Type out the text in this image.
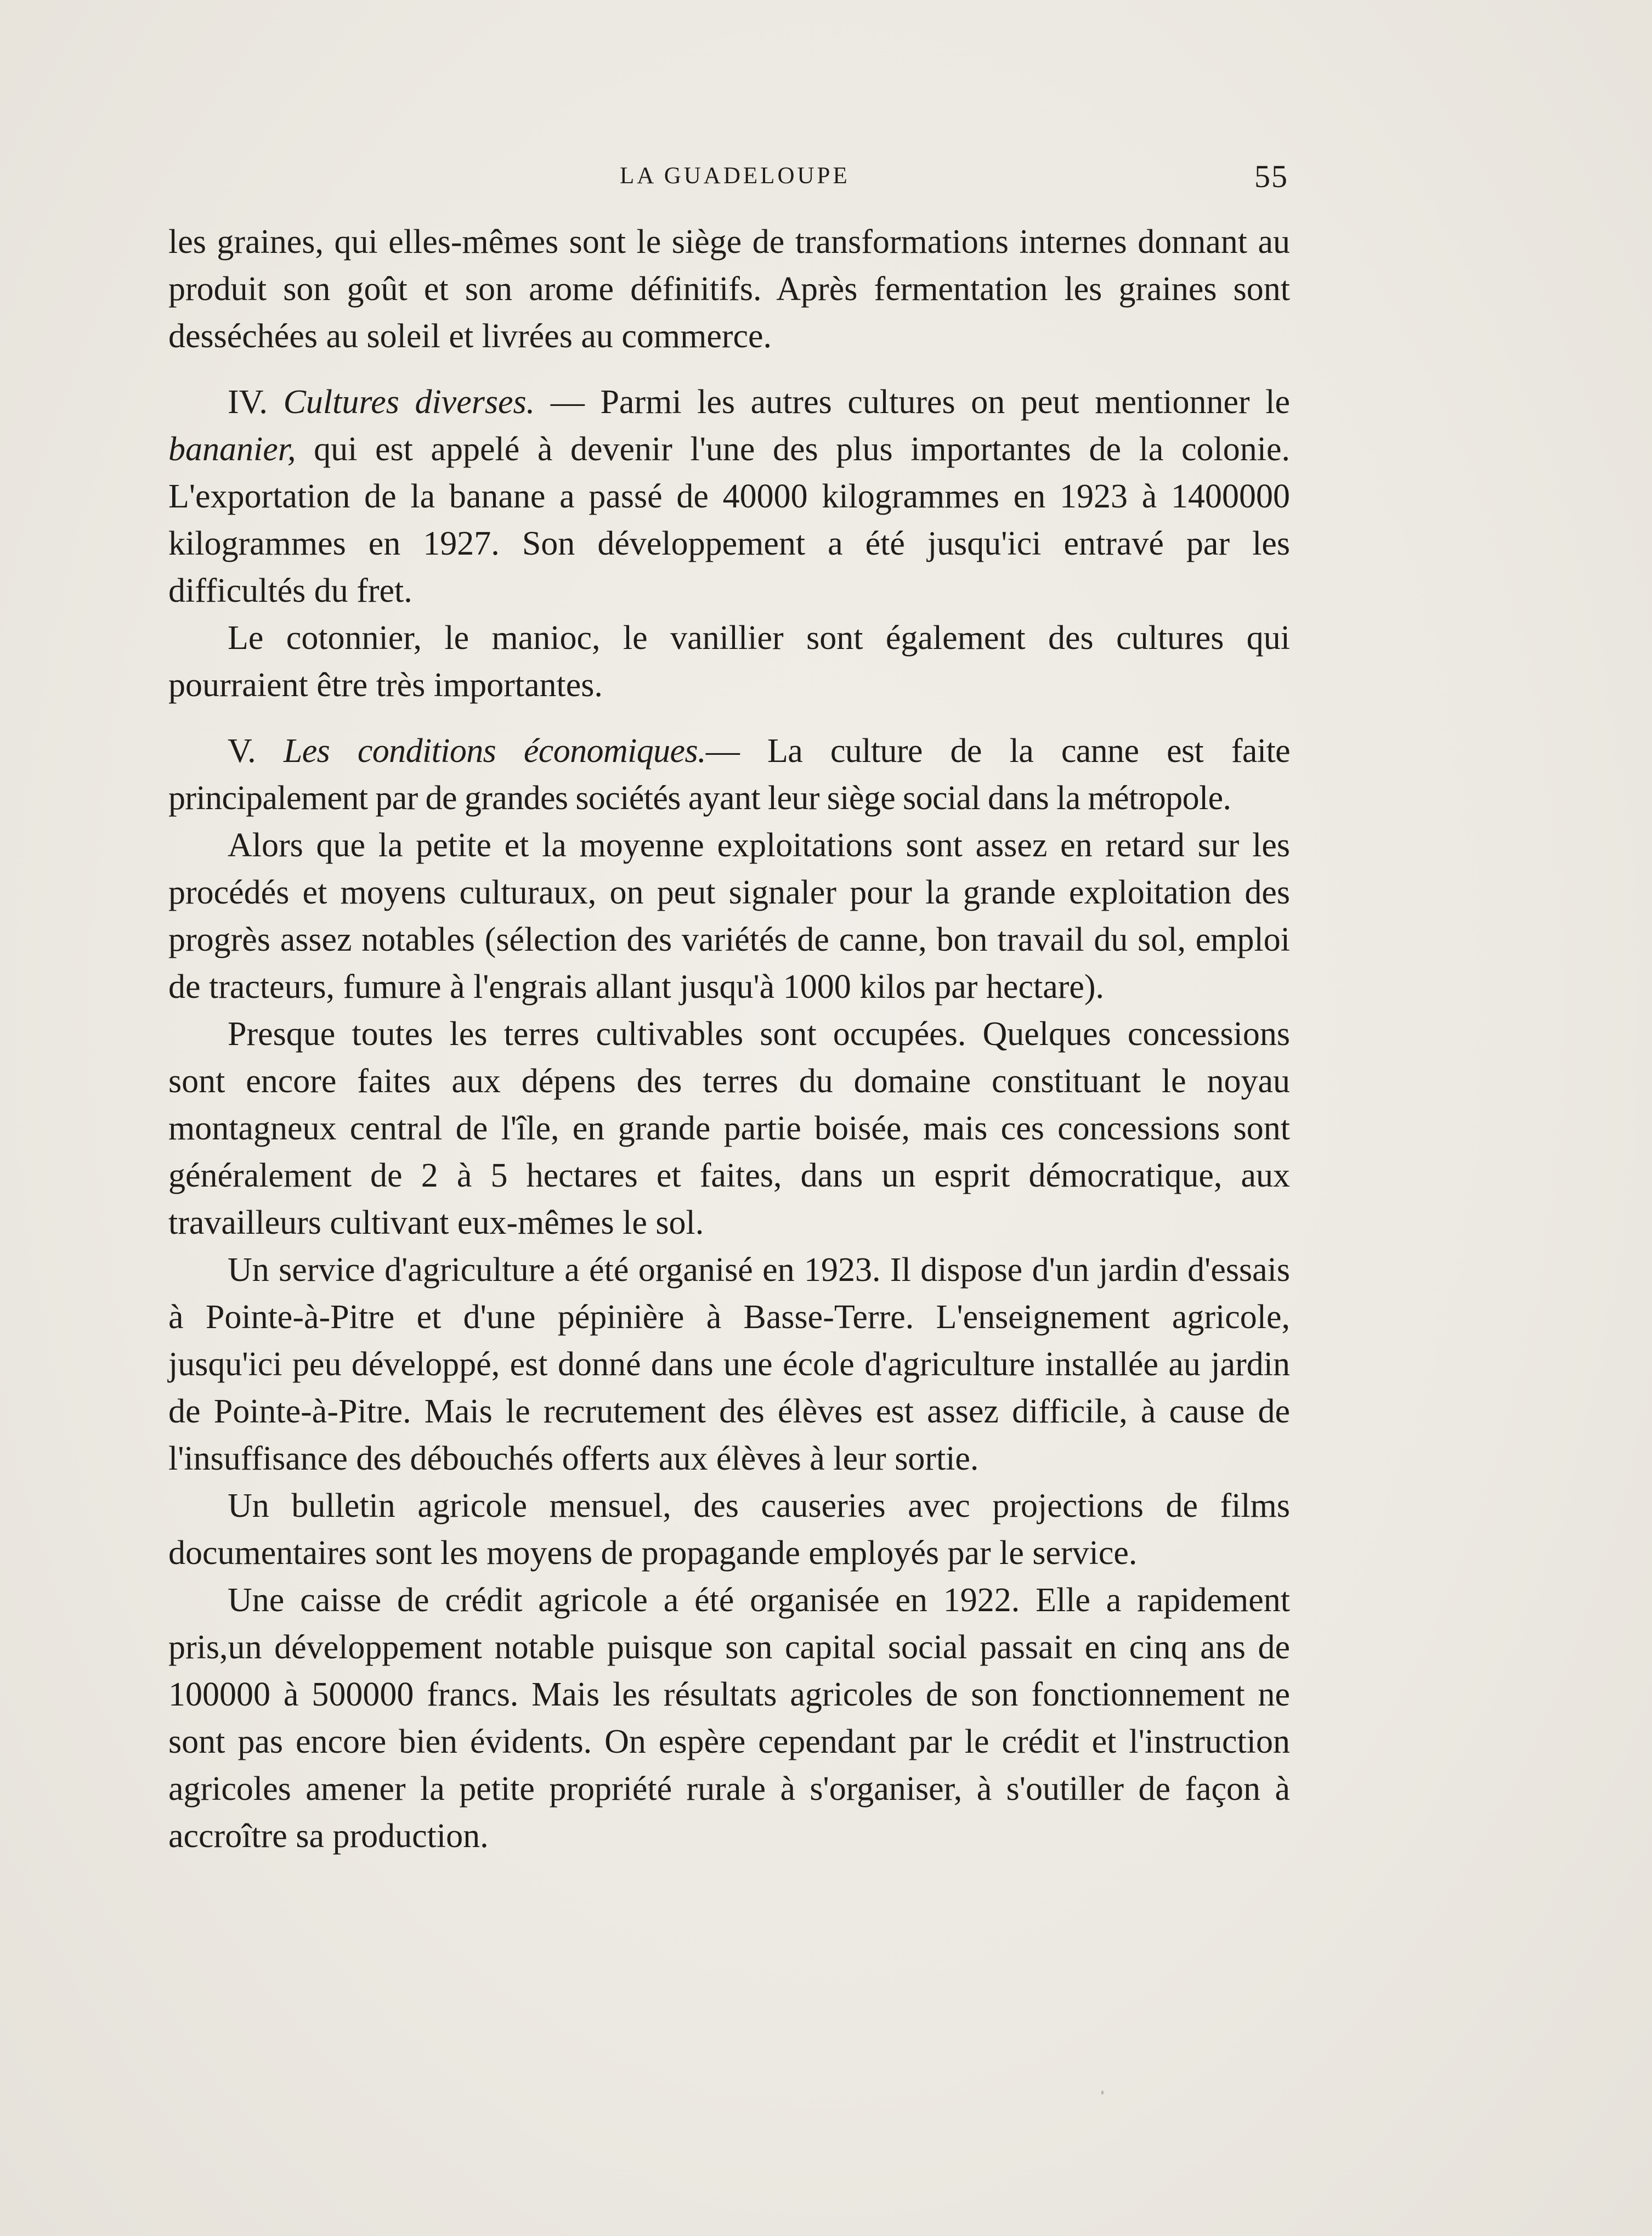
LA GUADELOUPE	55

les graines, qui elles-mêmes sont le siège de transformations internes donnant au produit son goût et son arome définitifs. Après fermentation les graines sont desséchées au soleil et livrées au commerce.

IV. Cultures diverses. — Parmi les autres cultures on peut mentionner le bananier, qui est appelé à devenir l'une des plus importantes de la colonie. L'exportation de la banane a passé de 40000 kilogrammes en 1923 à 1400000 kilogrammes en 1927. Son développement a été jusqu'ici entravé par les difficultés du fret.

Le cotonnier, le manioc, le vanillier sont également des cultures qui pourraient être très importantes.

V. Les conditions économiques.— La culture de la canne est faite principalement par de grandes sociétés ayant leur siège social dans la métropole.

Alors que la petite et la moyenne exploitations sont assez en retard sur les procédés et moyens culturaux, on peut signaler pour la grande exploitation des progrès assez notables (sélection des variétés de canne, bon travail du sol, emploi de tracteurs, fumure à l'engrais allant jusqu'à 1000 kilos par hectare).

Presque toutes les terres cultivables sont occupées. Quelques concessions sont encore faites aux dépens des terres du domaine constituant le noyau montagneux central de l'île, en grande partie boisée, mais ces concessions sont généralement de 2 à 5 hectares et faites, dans un esprit démocratique, aux travailleurs cultivant eux-mêmes le sol.

Un service d'agriculture a été organisé en 1923. Il dispose d'un jardin d'essais à Pointe-à-Pitre et d'une pépinière à Basse-Terre. L'enseignement agricole, jusqu'ici peu développé, est donné dans une école d'agriculture installée au jardin de Pointe-à-Pitre. Mais le recrutement des élèves est assez difficile, à cause de l'insuffisance des débouchés offerts aux élèves à leur sortie.

Un bulletin agricole mensuel, des causeries avec projections de films documentaires sont les moyens de propagande employés par le service.

Une caisse de crédit agricole a été organisée en 1922. Elle a rapidement pris,un développement notable puisque son capital social passait en cinq ans de 100000 à 500000 francs. Mais les résultats agricoles de son fonctionnement ne sont pas encore bien évidents. On espère cependant par le crédit et l'instruction agricoles amener la petite propriété rurale à s'organiser, à s'outiller de façon à accroître sa production.
